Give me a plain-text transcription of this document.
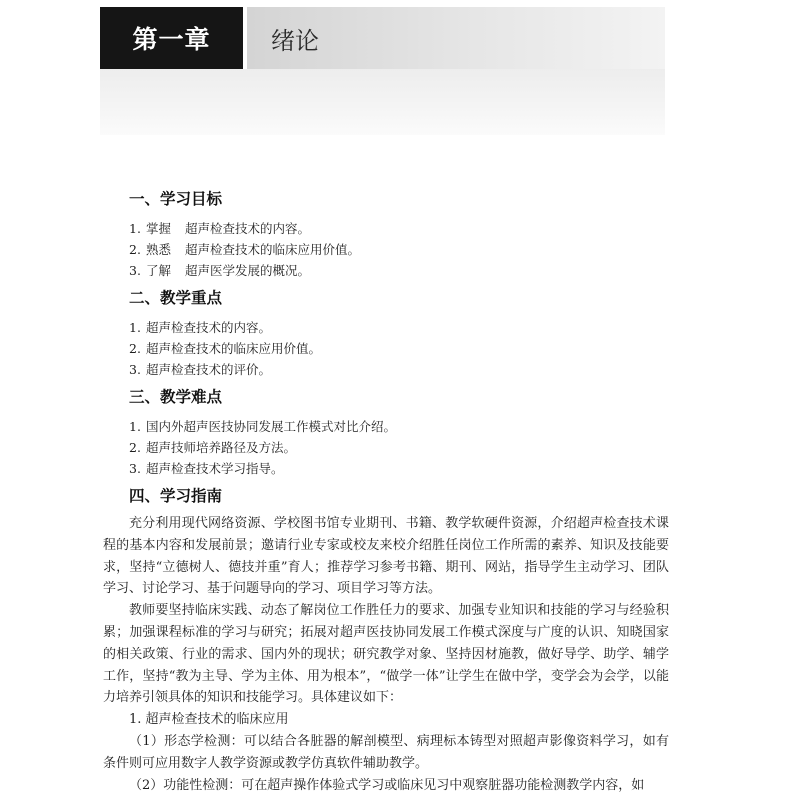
第一章	绪论
一、学习目标
1. 掌握 超声检查技术的内容。
2. 熟悉 超声检查技术的临床应用价值。
3. 了解 超声医学发展的概况。
二、教学重点
1. 超声检查技术的内容。
2. 超声检查技术的临床应用价值。
3. 超声检查技术的评价。
三、教学难点
1. 国内外超声医技协同发展工作模式对比介绍。
2. 超声技师培养路径及方法。
3. 超声检查技术学习指导。
四、学习指南

充分利用现代网络资源、学校图书馆专业期刊、书籍、教学软硬件资源，介绍超声检查技术课程的基本内容和发展前景；邀请行业专家或校友来校介绍胜任岗位工作所需的素养、知识及技能要求，坚持“立德树人、德技并重”育人；推荐学习参考书籍、期刊、网站，指导学生主动学习、团队学习、讨论学习、基于问题导向的学习、项目学习等方法。

教师要坚持临床实践、动态了解岗位工作胜任力的要求、加强专业知识和技能的学习与经验积累；加强课程标准的学习与研究；拓展对超声医技协同发展工作模式深度与广度的认识、知晓国家的相关政策、行业的需求、国内外的现状；研究教学对象、坚持因材施教，做好导学、助学、辅学工作，坚持“教为主导、学为主体、用为根本”，“做学一体”让学生在做中学，变学会为会学，以能力培养引领具体的知识和技能学习。具体建议如下：

1. 超声检查技术的临床应用
（1）形态学检测：可以结合各脏器的解剖模型、病理标本铸型对照超声影像资料学习，如有条件则可应用数字人教学资源或教学仿真软件辅助教学。
（2）功能性检测：可在超声操作体验式学习或临床见习中观察脏器功能检测教学内容，如
